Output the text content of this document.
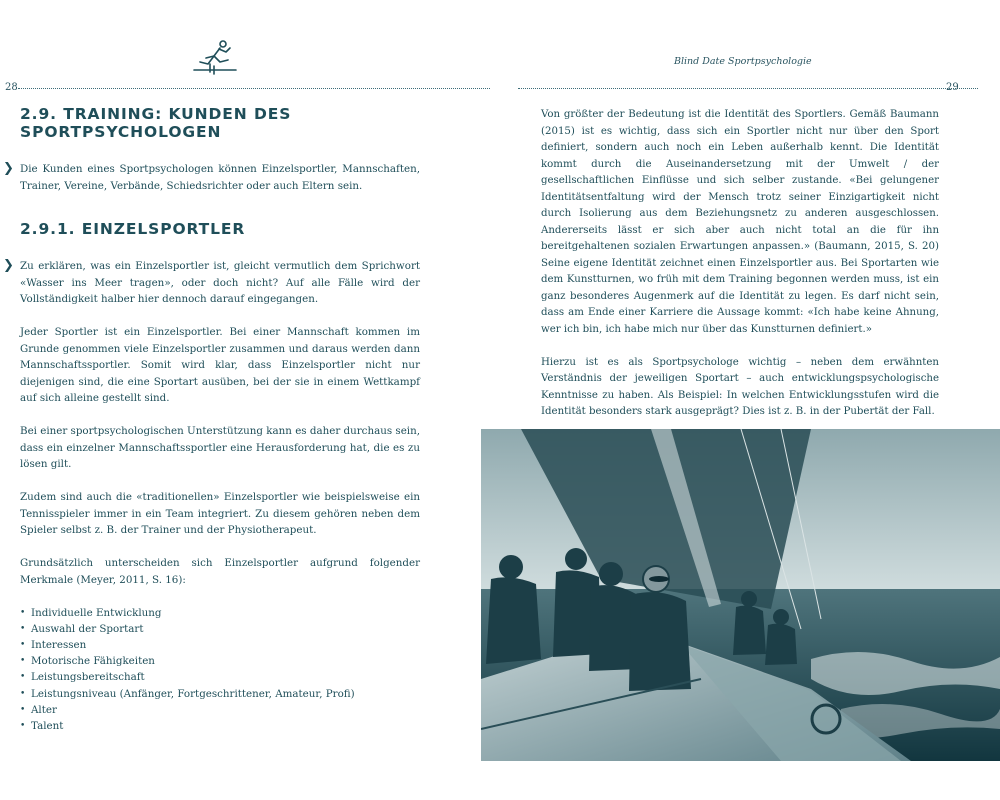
Blind Date Sportpsychologie
28	29
2.9. TRAINING: KUNDEN DES SPORTPSYCHOLOGEN

❯ Die Kunden eines Sportpsychologen können Einzelsportler, Mannschaften, Trainer, Vereine, Verbände, Schiedsrichter oder auch Eltern sein.

2.9.1. EINZELSPORTLER

❯ Zu erklären, was ein Einzelsportler ist, gleicht vermutlich dem Sprichwort «Wasser ins Meer tragen», oder doch nicht? Auf alle Fälle wird der Vollständigkeit halber hier dennoch darauf eingegangen.

Jeder Sportler ist ein Einzelsportler. Bei einer Mannschaft kommen im Grunde genommen viele Einzelsportler zusammen und daraus werden dann Mannschaftssportler. Somit wird klar, dass Einzelsportler nicht nur diejenigen sind, die eine Sportart ausüben, bei der sie in einem Wettkampf auf sich alleine gestellt sind.

Bei einer sportpsychologischen Unterstützung kann es daher durchaus sein, dass ein einzelner Mannschaftssportler eine Herausforderung hat, die es zu lösen gilt.

Zudem sind auch die «traditionellen» Einzelsportler wie beispielsweise ein Tennisspieler immer in ein Team integriert. Zu diesem gehören neben dem Spieler selbst z. B. der Trainer und der Physiotherapeut.

Grundsätzlich unterscheiden sich Einzelsportler aufgrund folgender Merkmale (Meyer, 2011, S. 16):

• Individuelle Entwicklung
• Auswahl der Sportart
• Interessen
• Motorische Fähigkeiten
• Leistungsbereitschaft
• Leistungsniveau (Anfänger, Fortgeschrittener, Amateur, Profi)
• Alter
• Talent

Von größter der Bedeutung ist die Identität des Sportlers. Gemäß Baumann (2015) ist es wichtig, dass sich ein Sportler nicht nur über den Sport definiert, sondern auch noch ein Leben außerhalb kennt. Die Identität kommt durch die Auseinandersetzung mit der Umwelt / der gesellschaftlichen Einflüsse und sich selber zustande. «Bei gelungener Identitätsentfaltung wird der Mensch trotz seiner Einzigartigkeit nicht durch Isolierung aus dem Beziehungsnetz zu anderen ausgeschlossen. Andererseits lässt er sich aber auch nicht total an die für ihn bereitgehaltenen sozialen Erwartungen anpassen.» (Baumann, 2015, S. 20) Seine eigene Identität zeichnet einen Einzelsportler aus. Bei Sportarten wie dem Kunstturnen, wo früh mit dem Training begonnen werden muss, ist ein ganz besonderes Augenmerk auf die Identität zu legen. Es darf nicht sein, dass am Ende einer Karriere die Aussage kommt: «Ich habe keine Ahnung, wer ich bin, ich habe mich nur über das Kunstturnen definiert.»

Hierzu ist es als Sportpsychologe wichtig – neben dem erwähnten Verständnis der jeweiligen Sportart – auch entwicklungspsychologische Kenntnisse zu haben. Als Beispiel: In welchen Entwicklungsstufen wird die Identität besonders stark ausgeprägt? Dies ist z. B. in der Pubertät der Fall.
